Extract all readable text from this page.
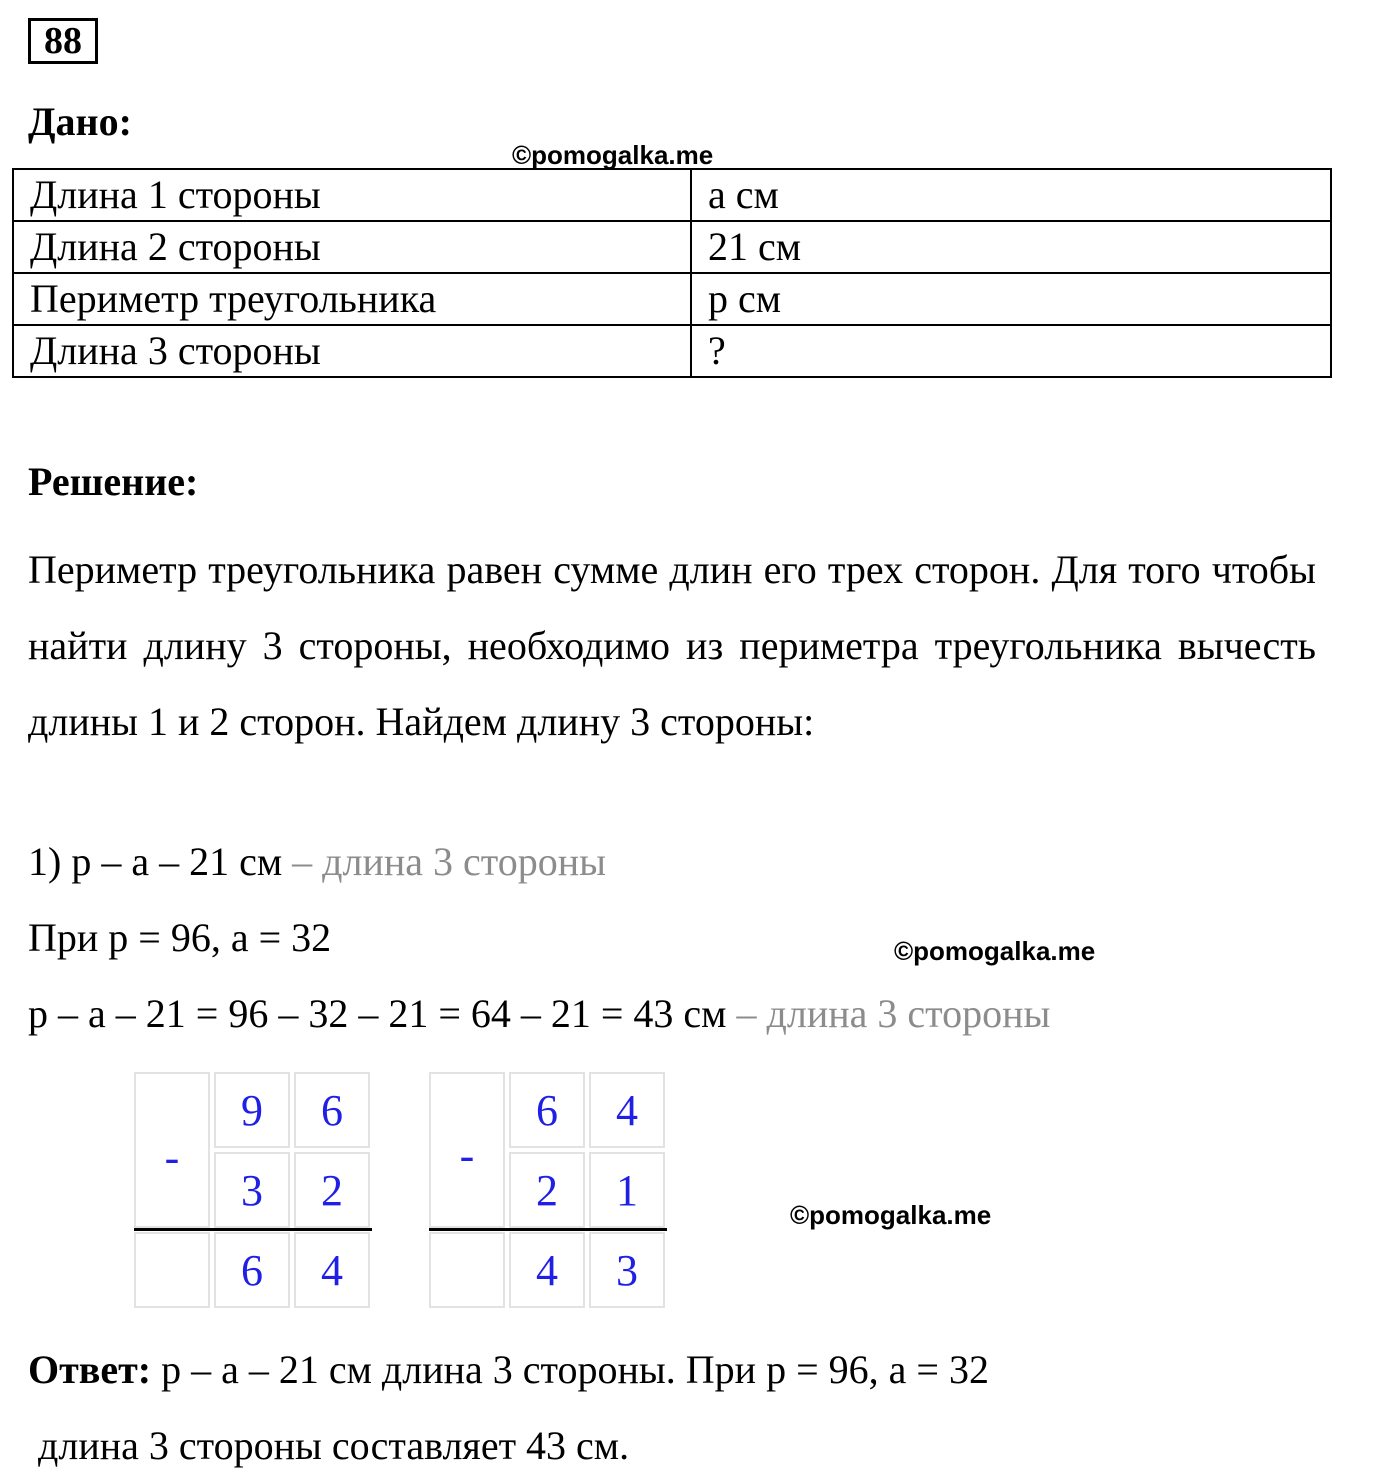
88
Дано:
©pomogalka.me
Длина 1 стороны	а см
Длина 2 стороны	21 см
Периметр треугольника	р см
Длина 3 стороны	?
Решение:
Периметр треугольника равен сумме длин его трех сторон. Для того чтобы найти длину 3 стороны, необходимо из периметра треугольника вычесть длины 1 и 2 сторон. Найдем длину 3 стороны:
1) р – а – 21 см – длина 3 стороны
При р = 96, а = 32	©pomogalka.me
р – а – 21 = 96 – 32 – 21 = 64 – 21 = 43 см – длина 3 стороны
-
9	6
3	2
6	4
-
6	4
2	1
4	3
©pomogalka.me
Ответ: р – а – 21 см длина 3 стороны. При р = 96, а = 32
длина 3 стороны составляет 43 см.
